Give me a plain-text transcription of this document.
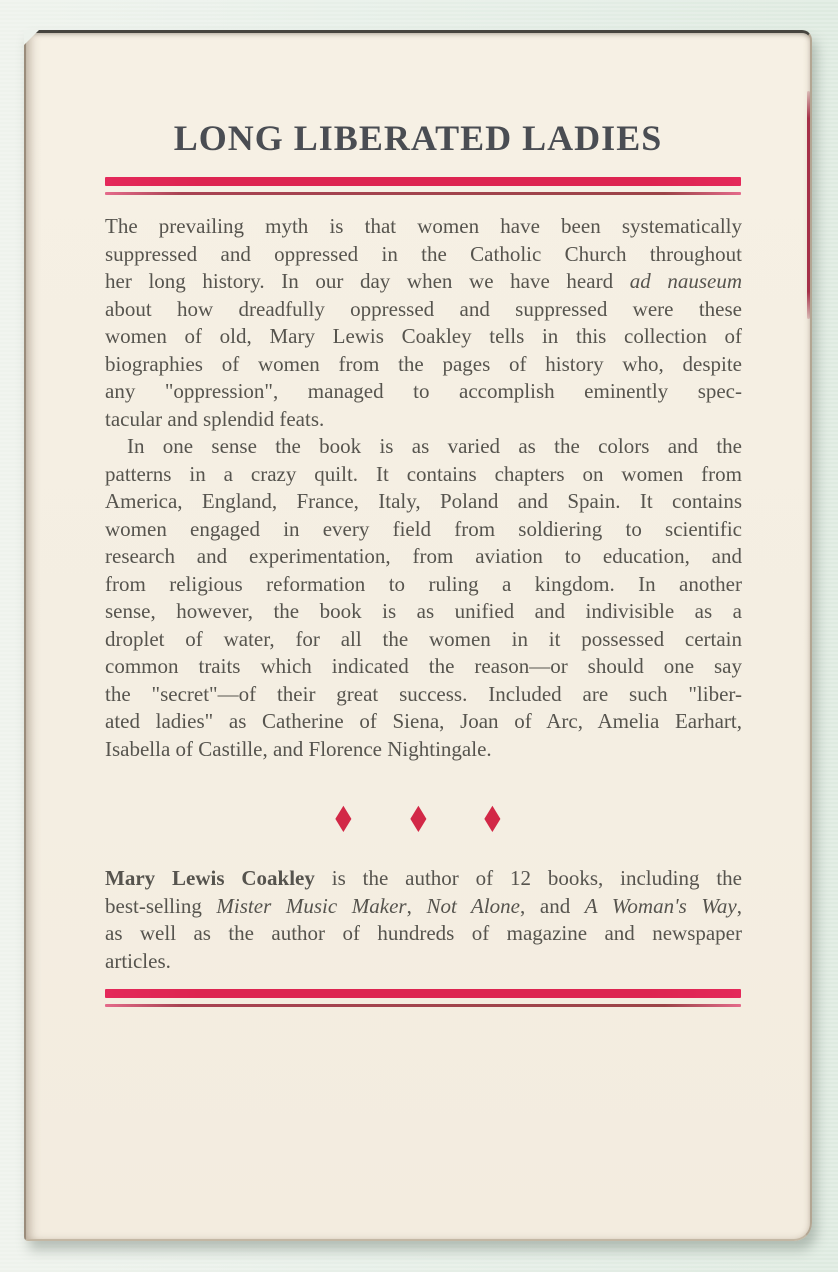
LONG LIBERATED LADIES
The prevailing myth is that women have been systematically
suppressed and oppressed in the Catholic Church throughout
her long history. In our day when we have heard ad nauseum
about how dreadfully oppressed and suppressed were these
women of old, Mary Lewis Coakley tells in this collection of
biographies of women from the pages of history who, despite
any "oppression", managed to accomplish eminently spec-
tacular and splendid feats.
In one sense the book is as varied as the colors and the
patterns in a crazy quilt. It contains chapters on women from
America, England, France, Italy, Poland and Spain. It contains
women engaged in every field from soldiering to scientific
research and experimentation, from aviation to education, and
from religious reformation to ruling a kingdom. In another
sense, however, the book is as unified and indivisible as a
droplet of water, for all the women in it possessed certain
common traits which indicated the reason—or should one say
the "secret"—of their great success. Included are such "liber-
ated ladies" as Catherine of Siena, Joan of Arc, Amelia Earhart,
Isabella of Castille, and Florence Nightingale.
♦ ♦ ♦
Mary Lewis Coakley is the author of 12 books, including the
best-selling Mister Music Maker, Not Alone, and A Woman's Way,
as well as the author of hundreds of magazine and newspaper
articles.
